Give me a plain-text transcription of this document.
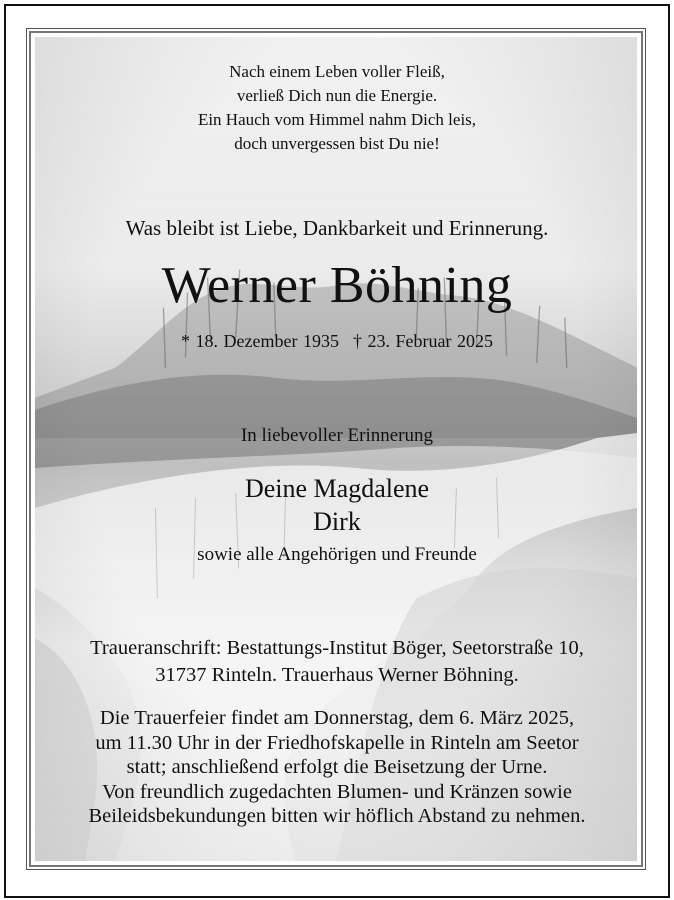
Nach einem Leben voller Fleiß,
verließ Dich nun die Energie.
Ein Hauch vom Himmel nahm Dich leis,
doch unvergessen bist Du nie!
Was bleibt ist Liebe, Dankbarkeit und Erinnerung.
Werner Böhning
* 18. Dezember 1935 † 23. Februar 2025
In liebevoller Erinnerung
Deine Magdalene
Dirk
sowie alle Angehörigen und Freunde
Traueranschrift: Bestattungs-Institut Böger, Seetorstraße 10,
31737 Rinteln. Trauerhaus Werner Böhning.
Die Trauerfeier findet am Donnerstag, dem 6. März 2025,
um 11.30 Uhr in der Friedhofskapelle in Rinteln am Seetor
statt; anschließend erfolgt die Beisetzung der Urne.
Von freundlich zugedachten Blumen- und Kränzen sowie
Beileidsbekundungen bitten wir höflich Abstand zu nehmen.
